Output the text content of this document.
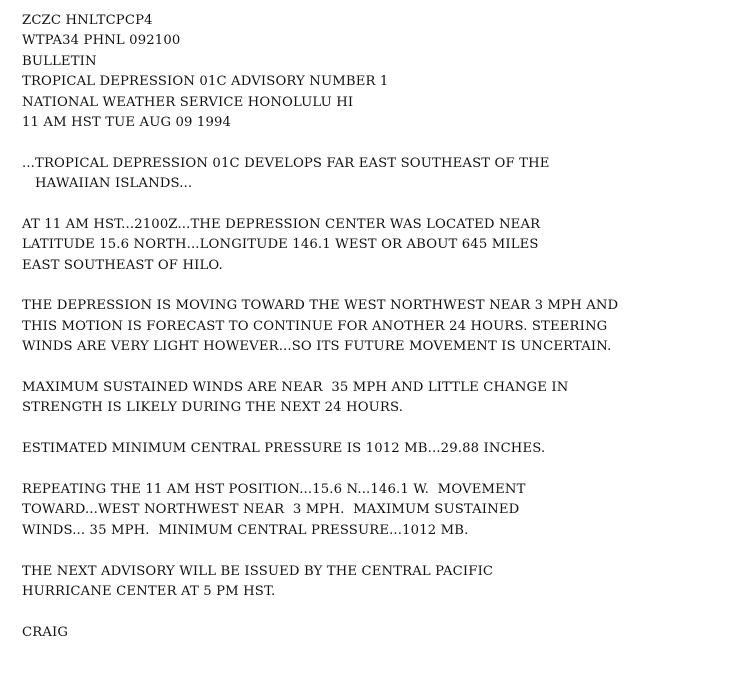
ZCZC HNLTCPCP4
WTPA34 PHNL 092100
BULLETIN
TROPICAL DEPRESSION 01C ADVISORY NUMBER 1
NATIONAL WEATHER SERVICE HONOLULU HI
11 AM HST TUE AUG 09 1994
...TROPICAL DEPRESSION 01C DEVELOPS FAR EAST SOUTHEAST OF THE
HAWAIIAN ISLANDS...
AT 11 AM HST...2100Z...THE DEPRESSION CENTER WAS LOCATED NEAR
LATITUDE 15.6 NORTH...LONGITUDE 146.1 WEST OR ABOUT 645 MILES
EAST SOUTHEAST OF HILO.
THE DEPRESSION IS MOVING TOWARD THE WEST NORTHWEST NEAR 3 MPH AND
THIS MOTION IS FORECAST TO CONTINUE FOR ANOTHER 24 HOURS. STEERING
WINDS ARE VERY LIGHT HOWEVER...SO ITS FUTURE MOVEMENT IS UNCERTAIN.
MAXIMUM SUSTAINED WINDS ARE NEAR  35 MPH AND LITTLE CHANGE IN
STRENGTH IS LIKELY DURING THE NEXT 24 HOURS.
ESTIMATED MINIMUM CENTRAL PRESSURE IS 1012 MB...29.88 INCHES.
REPEATING THE 11 AM HST POSITION...15.6 N...146.1 W.  MOVEMENT
TOWARD...WEST NORTHWEST NEAR  3 MPH.  MAXIMUM SUSTAINED
WINDS... 35 MPH.  MINIMUM CENTRAL PRESSURE...1012 MB.
THE NEXT ADVISORY WILL BE ISSUED BY THE CENTRAL PACIFIC
HURRICANE CENTER AT 5 PM HST.
CRAIG
